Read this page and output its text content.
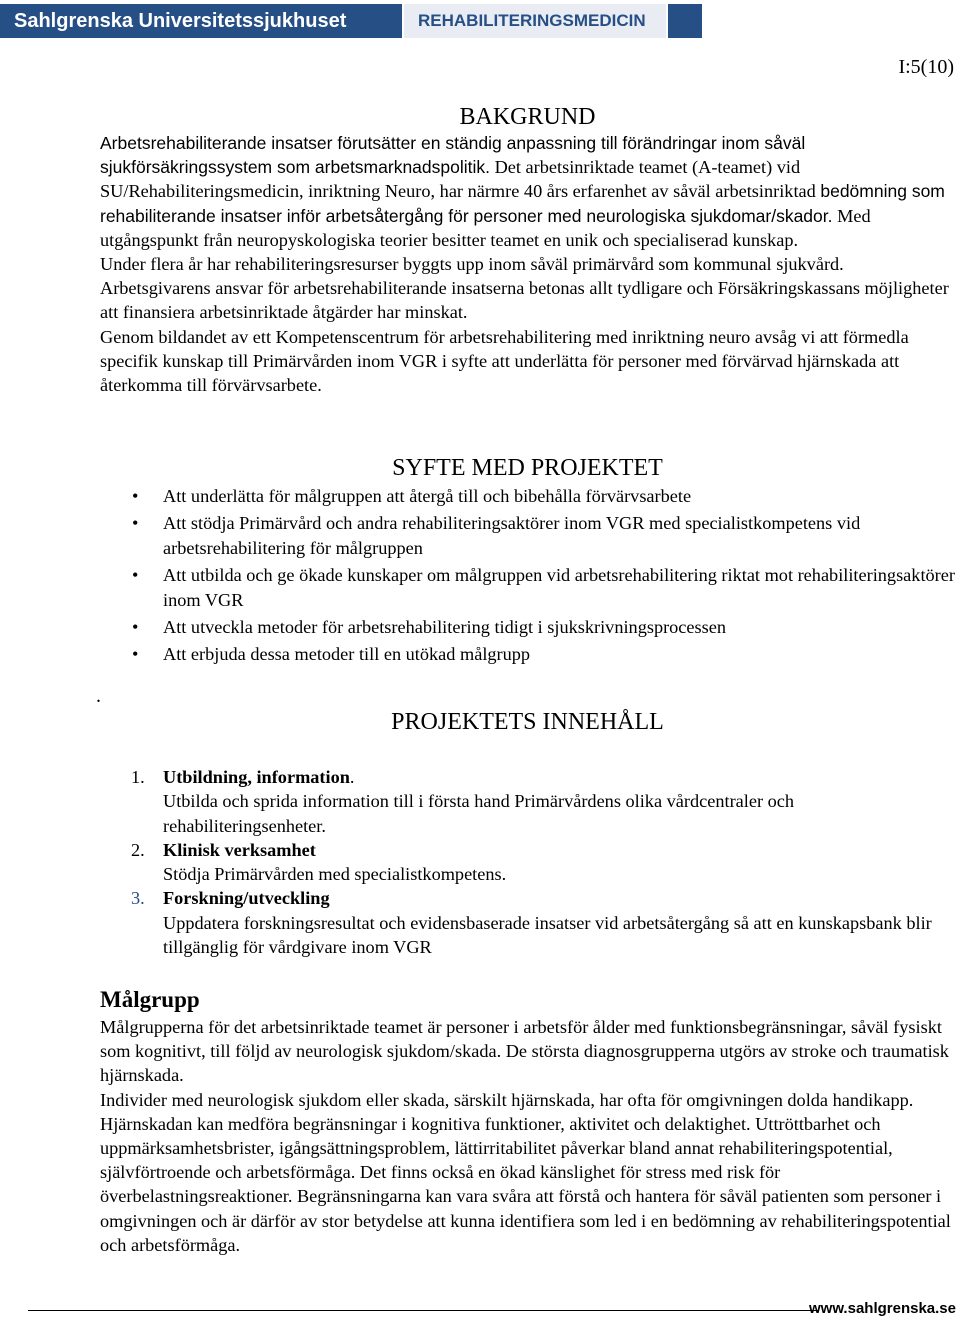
Sahlgrenska Universitetssjukhuset	REHABILITERINGSMEDICIN
I:5(10)
BAKGRUND

Arbetsrehabiliterande insatser förutsätter en ständig anpassning till förändringar inom såväl sjukförsäkringssystem som arbetsmarknadspolitik. Det arbetsinriktade teamet (A-teamet) vid SU/Rehabiliteringsmedicin, inriktning Neuro, har närmre 40 års erfarenhet av såväl arbetsinriktad bedömning som rehabiliterande insatser inför arbetsåtergång för personer med neurologiska sjukdomar/skador. Med utgångspunkt från neuropyskologiska teorier besitter teamet en unik och specialiserad kunskap.

Under flera år har rehabiliteringsresurser byggts upp inom såväl primärvård som kommunal sjukvård. Arbetsgivarens ansvar för arbetsrehabiliterande insatserna betonas allt tydligare och Försäkringskassans möjligheter att finansiera arbetsinriktade åtgärder har minskat.

Genom bildandet av ett Kompetenscentrum för arbetsrehabilitering med inriktning neuro avsåg vi att förmedla specifik kunskap till Primärvården inom VGR i syfte att underlätta för personer med förvärvad hjärnskada att återkomma till förvärvsarbete.

SYFTE MED PROJEKTET
• Att underlätta för målgruppen att återgå till och bibehålla förvärvsarbete
• Att stödja Primärvård och andra rehabiliteringsaktörer inom VGR med specialistkompetens vid arbetsrehabilitering för målgruppen
• Att utbilda och ge ökade kunskaper om målgruppen vid arbetsrehabilitering riktat mot rehabiliteringsaktörer inom VGR
• Att utveckla metoder för arbetsrehabilitering tidigt i sjukskrivningsprocessen
• Att erbjuda dessa metoder till en utökad målgrupp
.
PROJEKTETS INNEHÅLL
1. Utbildning, information.
Utbilda och sprida information till i första hand Primärvårdens olika vårdcentraler och rehabiliteringsenheter.
2. Klinisk verksamhet
Stödja Primärvården med specialistkompetens.
3. Forskning/utveckling
Uppdatera forskningsresultat och evidensbaserade insatser vid arbetsåtergång så att en kunskapsbank blir tillgänglig för vårdgivare inom VGR
Målgrupp

Målgrupperna för det arbetsinriktade teamet är personer i arbetsför ålder med funktionsbegränsningar, såväl fysiskt som kognitivt, till följd av neurologisk sjukdom/skada. De största diagnosgrupperna utgörs av stroke och traumatisk hjärnskada.

Individer med neurologisk sjukdom eller skada, särskilt hjärnskada, har ofta för omgivningen dolda handikapp. Hjärnskadan kan medföra begränsningar i kognitiva funktioner, aktivitet och delaktighet. Uttröttbarhet och uppmärksamhetsbrister, igångsättningsproblem, lättirritabilitet påverkar bland annat rehabiliteringspotential, självförtroende och arbetsförmåga. Det finns också en ökad känslighet för stress med risk för överbelastningsreaktioner. Begränsningarna kan vara svåra att förstå och hantera för såväl patienten som personer i omgivningen och är därför av stor betydelse att kunna identifiera som led i en bedömning av rehabiliteringspotential och arbetsförmåga.

www.sahlgrenska.se
